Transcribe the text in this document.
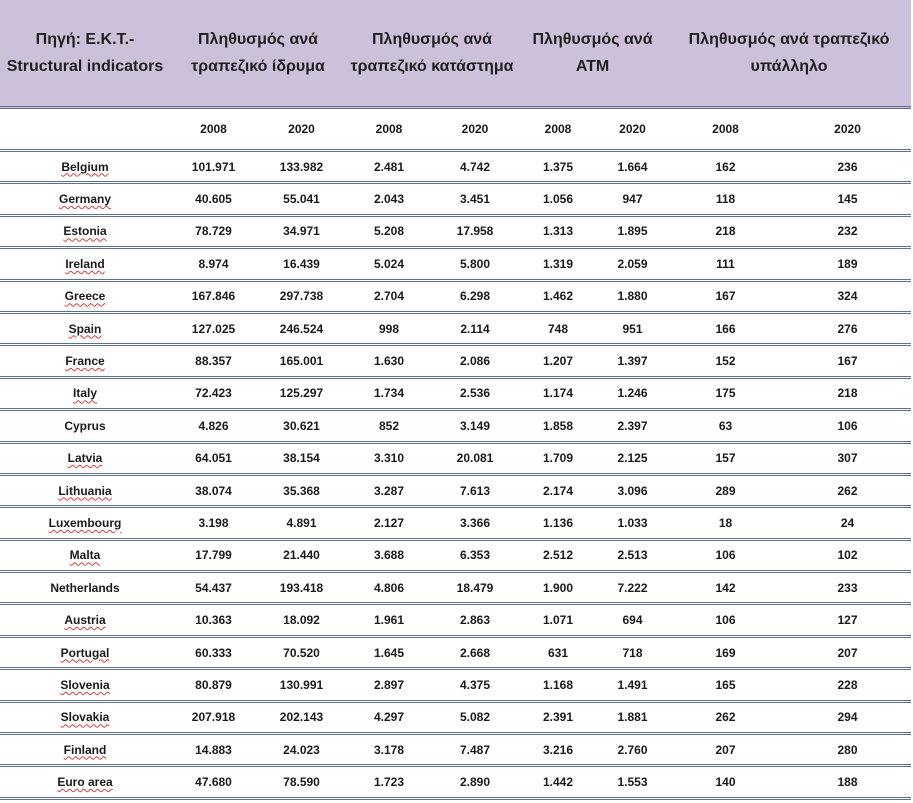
Πηγή: Ε.Κ.Τ.- Structural indicators	Πληθυσμός ανά τραπεζικό ίδρυμα		Πληθυσμός ανά τραπεζικό κατάστημα		Πληθυσμός ανά ΑΤΜ		Πληθυσμός ανά τραπεζικό υπάλληλο	
	2008	2020	2008	2020	2008	2020	2008	2020
Belgium	101.971	133.982	2.481	4.742	1.375	1.664	162	236
Germany	40.605	55.041	2.043	3.451	1.056	947	118	145
Estonia	78.729	34.971	5.208	17.958	1.313	1.895	218	232
Ireland	8.974	16.439	5.024	5.800	1.319	2.059	111	189
Greece	167.846	297.738	2.704	6.298	1.462	1.880	167	324
Spain	127.025	246.524	998	2.114	748	951	166	276
France	88.357	165.001	1.630	2.086	1.207	1.397	152	167
Italy	72.423	125.297	1.734	2.536	1.174	1.246	175	218
Cyprus	4.826	30.621	852	3.149	1.858	2.397	63	106
Latvia	64.051	38.154	3.310	20.081	1.709	2.125	157	307
Lithuania	38.074	35.368	3.287	7.613	2.174	3.096	289	262
Luxembourg	3.198	4.891	2.127	3.366	1.136	1.033	18	24
Malta	17.799	21.440	3.688	6.353	2.512	2.513	106	102
Netherlands	54.437	193.418	4.806	18.479	1.900	7.222	142	233
Austria	10.363	18.092	1.961	2.863	1.071	694	106	127
Portugal	60.333	70.520	1.645	2.668	631	718	169	207
Slovenia	80.879	130.991	2.897	4.375	1.168	1.491	165	228
Slovakia	207.918	202.143	4.297	5.082	2.391	1.881	262	294
Finland	14.883	24.023	3.178	7.487	3.216	2.760	207	280
Euro area	47.680	78.590	1.723	2.890	1.442	1.553	140	188
